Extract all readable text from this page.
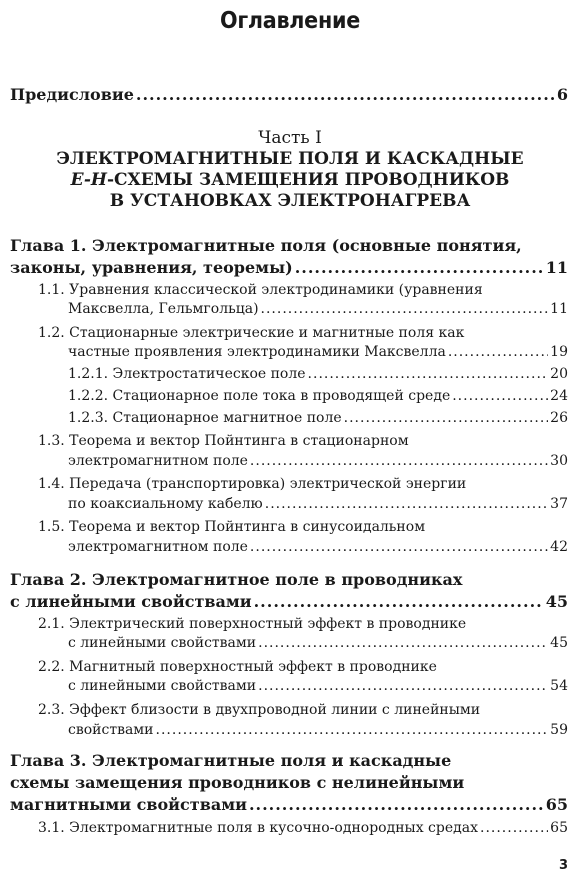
Оглавление
Предисловие .....	6
Часть I
ЭЛЕКТРОМАГНИТНЫЕ ПОЛЯ И КАСКАДНЫЕ
E-H-СХЕМЫ ЗАМЕЩЕНИЯ ПРОВОДНИКОВ
В УСТАНОВКАХ ЭЛЕКТРОНАГРЕВА
Глава 1. Электромагнитные поля (основные понятия,
законы, уравнения, теоремы) .....	11
1.1. Уравнения классической электродинамики (уравнения
Максвелла, Гельмгольца) .....	11
1.2. Стационарные электрические и магнитные поля как
частные проявления электродинамики Максвелла .....	19
1.2.1. Электростатическое поле .....	20
1.2.2. Стационарное поле тока в проводящей среде .....	24
1.2.3. Стационарное магнитное поле .....	26
1.3. Теорема и вектор Пойнтинга в стационарном
электромагнитном поле .....	30
1.4. Передача (транспортировка) электрической энергии
по коаксиальному кабелю .....	37
1.5. Теорема и вектор Пойнтинга в синусоидальном
электромагнитном поле .....	42
Глава 2. Электромагнитное поле в проводниках
с линейными свойствами .....	45
2.1. Электрический поверхностный эффект в проводнике
с линейными свойствами .....	45
2.2. Магнитный поверхностный эффект в проводнике
с линейными свойствами .....	54
2.3. Эффект близости в двухпроводной линии с линейными
свойствами .....	59
Глава 3. Электромагнитные поля и каскадные
схемы замещения проводников с нелинейными
магнитными свойствами .....	65
3.1. Электромагнитные поля в кусочно-однородных средах .....	65
3
